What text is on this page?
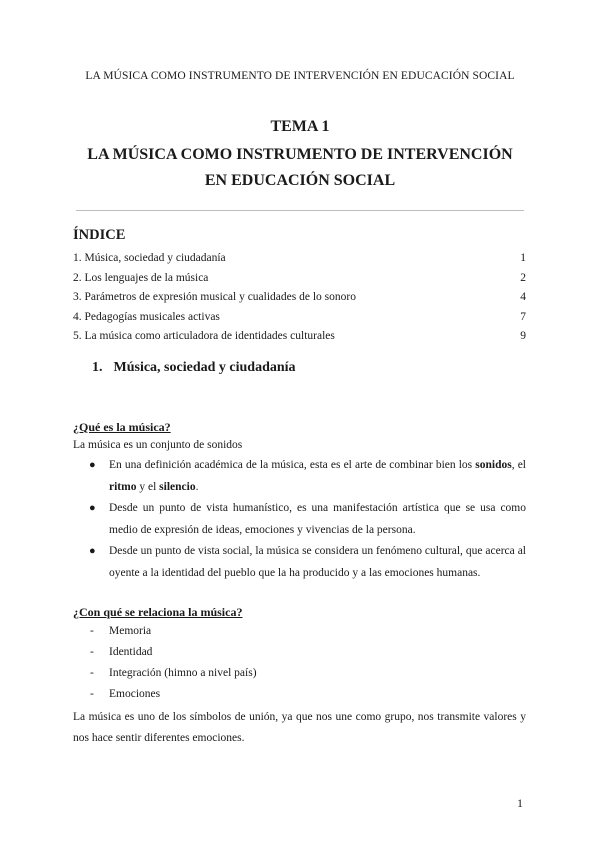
LA MÚSICA COMO INSTRUMENTO DE INTERVENCIÓN EN EDUCACIÓN SOCIAL
TEMA 1
LA MÚSICA COMO INSTRUMENTO DE INTERVENCIÓN
EN EDUCACIÓN SOCIAL
ÍNDICE
1. Música, sociedad y ciudadanía	1
2. Los lenguajes de la música	2
3. Parámetros de expresión musical y cualidades de lo sonoro	4
4. Pedagogías musicales activas	7
5. La música como articuladora de identidades culturales	9
1. Música, sociedad y ciudadanía
¿Qué es la música?
La música es un conjunto de sonidos
● En una definición académica de la música, esta es el arte de combinar bien los sonidos, el ritmo y el silencio.
● Desde un punto de vista humanístico, es una manifestación artística que se usa como medio de expresión de ideas, emociones y vivencias de la persona.
● Desde un punto de vista social, la música se considera un fenómeno cultural, que acerca al oyente a la identidad del pueblo que la ha producido y a las emociones humanas.
¿Con qué se relaciona la música?
- Memoria
- Identidad
- Integración (himno a nivel país)
- Emociones
La música es uno de los símbolos de unión, ya que nos une como grupo, nos transmite valores y nos hace sentir diferentes emociones.
1
